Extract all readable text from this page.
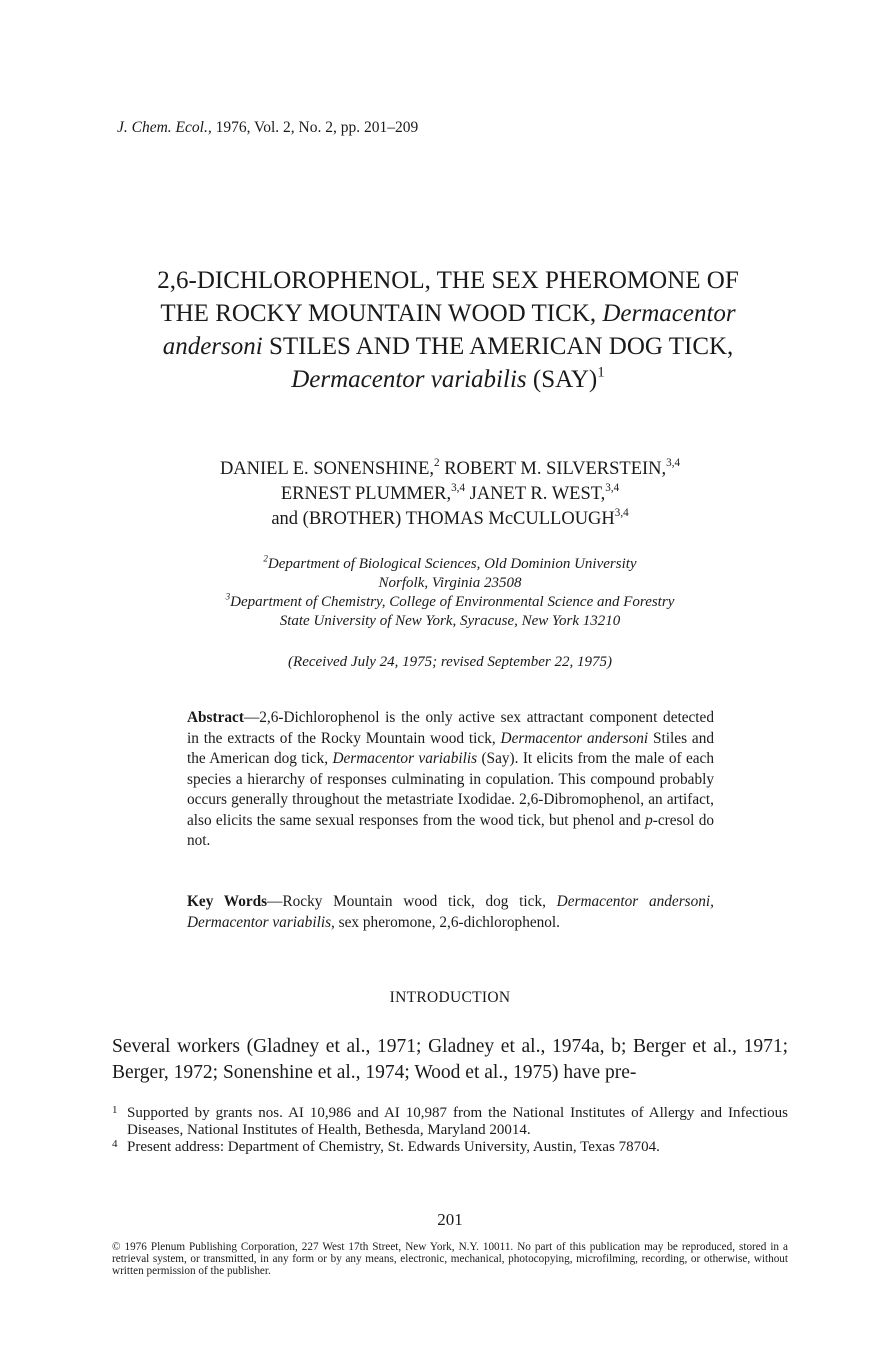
J. Chem. Ecol., 1976, Vol. 2, No. 2, pp. 201–209
2,6-DICHLOROPHENOL, THE SEX PHEROMONE OF
THE ROCKY MOUNTAIN WOOD TICK, Dermacentor
andersoni STILES AND THE AMERICAN DOG TICK,
Dermacentor variabilis (SAY)$^1$
DANIEL E. SONENSHINE,$^2$ ROBERT M. SILVERSTEIN,$^{3,4}$
ERNEST PLUMMER,$^{3,4}$ JANET R. WEST,$^{3,4}$
and (BROTHER) THOMAS McCULLOUGH$^{3,4}$
$^2$Department of Biological Sciences, Old Dominion University
Norfolk, Virginia 23508
$^3$Department of Chemistry, College of Environmental Science and Forestry
State University of New York, Syracuse, New York 13210
(Received July 24, 1975; revised September 22, 1975)
Abstract—2,6-Dichlorophenol is the only active sex attractant component detected in the extracts of the Rocky Mountain wood tick, Dermacentor andersoni Stiles and the American dog tick, Dermacentor variabilis (Say). It elicits from the male of each species a hierarchy of responses culminating in copulation. This compound probably occurs generally throughout the metastriate Ixodidae. 2,6-Dibromophenol, an artifact, also elicits the same sexual responses from the wood tick, but phenol and p-cresol do not.
Key Words—Rocky Mountain wood tick, dog tick, Dermacentor andersoni, Dermacentor variabilis, sex pheromone, 2,6-dichlorophenol.
INTRODUCTION
Several workers (Gladney et al., 1971; Gladney et al., 1974a, b; Berger et al., 1971; Berger, 1972; Sonenshine et al., 1974; Wood et al., 1975) have pre-
1 Supported by grants nos. AI 10,986 and AI 10,987 from the National Institutes of Allergy and Infectious Diseases, National Institutes of Health, Bethesda, Maryland 20014.
4 Present address: Department of Chemistry, St. Edwards University, Austin, Texas 78704.
201
© 1976 Plenum Publishing Corporation, 227 West 17th Street, New York, N.Y. 10011. No part of this publication may be reproduced, stored in a retrieval system, or transmitted, in any form or by any means, electronic, mechanical, photocopying, microfilming, recording, or otherwise, without written permission of the publisher.
